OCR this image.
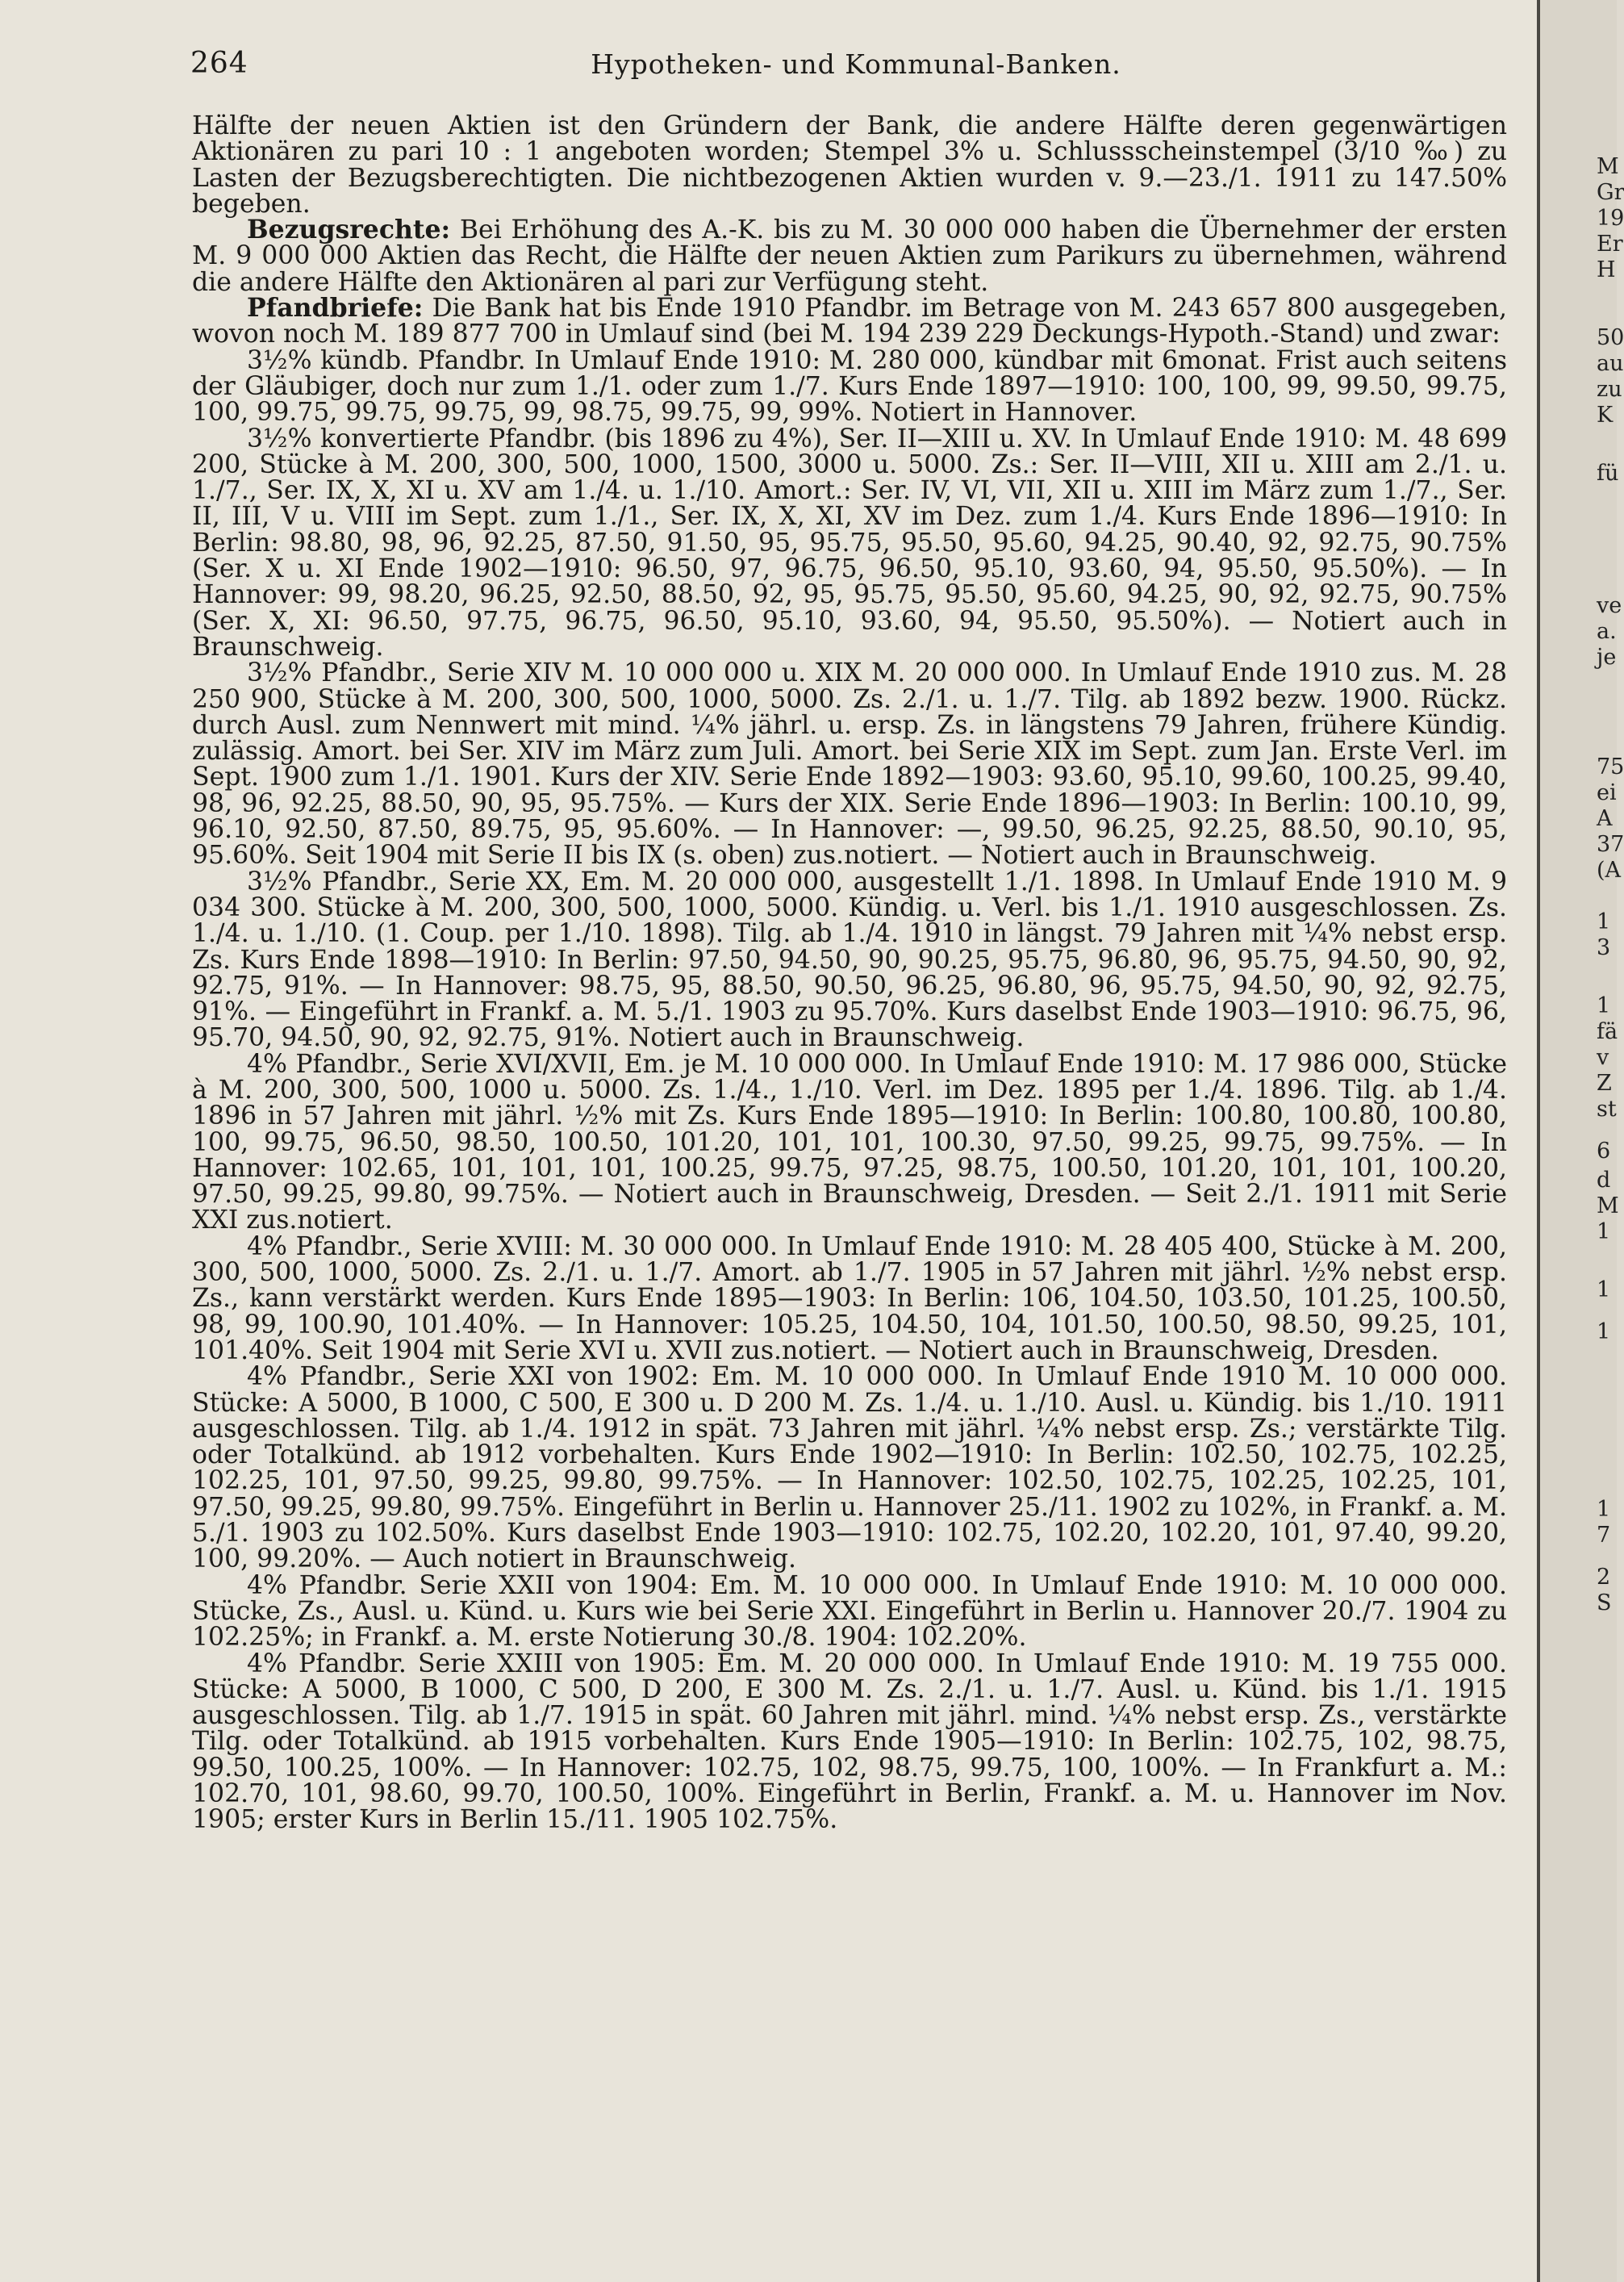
264	Hypotheken- und Kommunal-Banken.

Hälfte der neuen Aktien ist den Gründern der Bank, die andere Hälfte deren gegenwärtigen Aktionären zu pari 10 : 1 angeboten worden; Stempel 3% u. Schlussscheinstempel (3/10 ‰) zu Lasten der Bezugsberechtigten. Die nichtbezogenen Aktien wurden v. 9.—23./1. 1911 zu 147.50% begeben.

Bezugsrechte: Bei Erhöhung des A.-K. bis zu M. 30 000 000 haben die Übernehmer der ersten M. 9 000 000 Aktien das Recht, die Hälfte der neuen Aktien zum Parikurs zu übernehmen, während die andere Hälfte den Aktionären al pari zur Verfügung steht.

Pfandbriefe: Die Bank hat bis Ende 1910 Pfandbr. im Betrage von M. 243 657 800 ausgegeben, wovon noch M. 189 877 700 in Umlauf sind (bei M. 194 239 229 Deckungs-Hypoth.-Stand) und zwar:

3½% kündb. Pfandbr. In Umlauf Ende 1910: M. 280 000, kündbar mit 6monat. Frist auch seitens der Gläubiger, doch nur zum 1./1. oder zum 1./7. Kurs Ende 1897—1910: 100, 100, 99, 99.50, 99.75, 100, 99.75, 99.75, 99.75, 99, 98.75, 99.75, 99, 99%. Notiert in Hannover.

3½% konvertierte Pfandbr. (bis 1896 zu 4%), Ser. II—XIII u. XV. In Umlauf Ende 1910: M. 48 699 200, Stücke à M. 200, 300, 500, 1000, 1500, 3000 u. 5000. Zs.: Ser. II—VIII, XII u. XIII am 2./1. u. 1./7., Ser. IX, X, XI u. XV am 1./4. u. 1./10. Amort.: Ser. IV, VI, VII, XII u. XIII im März zum 1./7., Ser. II, III, V u. VIII im Sept. zum 1./1., Ser. IX, X, XI, XV im Dez. zum 1./4. Kurs Ende 1896—1910: In Berlin: 98.80, 98, 96, 92.25, 87.50, 91.50, 95, 95.75, 95.50, 95.60, 94.25, 90.40, 92, 92.75, 90.75% (Ser. X u. XI Ende 1902—1910: 96.50, 97, 96.75, 96.50, 95.10, 93.60, 94, 95.50, 95.50%). — In Hannover: 99, 98.20, 96.25, 92.50, 88.50, 92, 95, 95.75, 95.50, 95.60, 94.25, 90, 92, 92.75, 90.75% (Ser. X, XI: 96.50, 97.75, 96.75, 96.50, 95.10, 93.60, 94, 95.50, 95.50%). — Notiert auch in Braunschweig.

3½% Pfandbr., Serie XIV M. 10 000 000 u. XIX M. 20 000 000. In Umlauf Ende 1910 zus. M. 28 250 900, Stücke à M. 200, 300, 500, 1000, 5000. Zs. 2./1. u. 1./7. Tilg. ab 1892 bezw. 1900. Rückz. durch Ausl. zum Nennwert mit mind. ¼% jährl. u. ersp. Zs. in längstens 79 Jahren, frühere Kündig. zulässig. Amort. bei Ser. XIV im März zum Juli. Amort. bei Serie XIX im Sept. zum Jan. Erste Verl. im Sept. 1900 zum 1./1. 1901. Kurs der XIV. Serie Ende 1892—1903: 93.60, 95.10, 99.60, 100.25, 99.40, 98, 96, 92.25, 88.50, 90, 95, 95.75%. — Kurs der XIX. Serie Ende 1896—1903: In Berlin: 100.10, 99, 96.10, 92.50, 87.50, 89.75, 95, 95.60%. — In Hannover: —, 99.50, 96.25, 92.25, 88.50, 90.10, 95, 95.60%. Seit 1904 mit Serie II bis IX (s. oben) zus.notiert. — Notiert auch in Braunschweig.

3½% Pfandbr., Serie XX, Em. M. 20 000 000, ausgestellt 1./1. 1898. In Umlauf Ende 1910 M. 9 034 300. Stücke à M. 200, 300, 500, 1000, 5000. Kündig. u. Verl. bis 1./1. 1910 ausgeschlossen. Zs. 1./4. u. 1./10. (1. Coup. per 1./10. 1898). Tilg. ab 1./4. 1910 in längst. 79 Jahren mit ¼% nebst ersp. Zs. Kurs Ende 1898—1910: In Berlin: 97.50, 94.50, 90, 90.25, 95.75, 96.80, 96, 95.75, 94.50, 90, 92, 92.75, 91%. — In Hannover: 98.75, 95, 88.50, 90.50, 96.25, 96.80, 96, 95.75, 94.50, 90, 92, 92.75, 91%. — Eingeführt in Frankf. a. M. 5./1. 1903 zu 95.70%. Kurs daselbst Ende 1903—1910: 96.75, 96, 95.70, 94.50, 90, 92, 92.75, 91%. Notiert auch in Braunschweig.

4% Pfandbr., Serie XVI/XVII, Em. je M. 10 000 000. In Umlauf Ende 1910: M. 17 986 000, Stücke à M. 200, 300, 500, 1000 u. 5000. Zs. 1./4., 1./10. Verl. im Dez. 1895 per 1./4. 1896. Tilg. ab 1./4. 1896 in 57 Jahren mit jährl. ½% mit Zs. Kurs Ende 1895—1910: In Berlin: 100.80, 100.80, 100.80, 100, 99.75, 96.50, 98.50, 100.50, 101.20, 101, 101, 100.30, 97.50, 99.25, 99.75, 99.75%. — In Hannover: 102.65, 101, 101, 101, 100.25, 99.75, 97.25, 98.75, 100.50, 101.20, 101, 101, 100.20, 97.50, 99.25, 99.80, 99.75%. — Notiert auch in Braunschweig, Dresden. — Seit 2./1. 1911 mit Serie XXI zus.notiert.

4% Pfandbr., Serie XVIII: M. 30 000 000. In Umlauf Ende 1910: M. 28 405 400, Stücke à M. 200, 300, 500, 1000, 5000. Zs. 2./1. u. 1./7. Amort. ab 1./7. 1905 in 57 Jahren mit jährl. ½% nebst ersp. Zs., kann verstärkt werden. Kurs Ende 1895—1903: In Berlin: 106, 104.50, 103.50, 101.25, 100.50, 98, 99, 100.90, 101.40%. — In Hannover: 105.25, 104.50, 104, 101.50, 100.50, 98.50, 99.25, 101, 101.40%. Seit 1904 mit Serie XVI u. XVII zus.notiert. — Notiert auch in Braunschweig, Dresden.

4% Pfandbr., Serie XXI von 1902: Em. M. 10 000 000. In Umlauf Ende 1910 M. 10 000 000. Stücke: A 5000, B 1000, C 500, E 300 u. D 200 M. Zs. 1./4. u. 1./10. Ausl. u. Kündig. bis 1./10. 1911 ausgeschlossen. Tilg. ab 1./4. 1912 in spät. 73 Jahren mit jährl. ¼% nebst ersp. Zs.; verstärkte Tilg. oder Totalkünd. ab 1912 vorbehalten. Kurs Ende 1902—1910: In Berlin: 102.50, 102.75, 102.25, 102.25, 101, 97.50, 99.25, 99.80, 99.75%. — In Hannover: 102.50, 102.75, 102.25, 102.25, 101, 97.50, 99.25, 99.80, 99.75%. Eingeführt in Berlin u. Hannover 25./11. 1902 zu 102%, in Frankf. a. M. 5./1. 1903 zu 102.50%. Kurs daselbst Ende 1903—1910: 102.75, 102.20, 102.20, 101, 97.40, 99.20, 100, 99.20%. — Auch notiert in Braunschweig.

4% Pfandbr. Serie XXII von 1904: Em. M. 10 000 000. In Umlauf Ende 1910: M. 10 000 000. Stücke, Zs., Ausl. u. Künd. u. Kurs wie bei Serie XXI. Eingeführt in Berlin u. Hannover 20./7. 1904 zu 102.25%; in Frankf. a. M. erste Notierung 30./8. 1904: 102.20%.

4% Pfandbr. Serie XXIII von 1905: Em. M. 20 000 000. In Umlauf Ende 1910: M. 19 755 000. Stücke: A 5000, B 1000, C 500, D 200, E 300 M. Zs. 2./1. u. 1./7. Ausl. u. Künd. bis 1./1. 1915 ausgeschlossen. Tilg. ab 1./7. 1915 in spät. 60 Jahren mit jährl. mind. ¼% nebst ersp. Zs., verstärkte Tilg. oder Totalkünd. ab 1915 vorbehalten. Kurs Ende 1905—1910: In Berlin: 102.75, 102, 98.75, 99.50, 100.25, 100%. — In Hannover: 102.75, 102, 98.75, 99.75, 100, 100%. — In Frankfurt a. M.: 102.70, 101, 98.60, 99.70, 100.50, 100%. Eingeführt in Berlin, Frankf. a. M. u. Hannover im Nov. 1905; erster Kurs in Berlin 15./11. 1905 102.75%.

M
Gr
19
Er
H
50
au
zu
K
fü
ve
a.
je
75
ei
A
37
(A
1
3
1
fä
v
Z
st
6
d
M
1
1
1
1
7
2
S
